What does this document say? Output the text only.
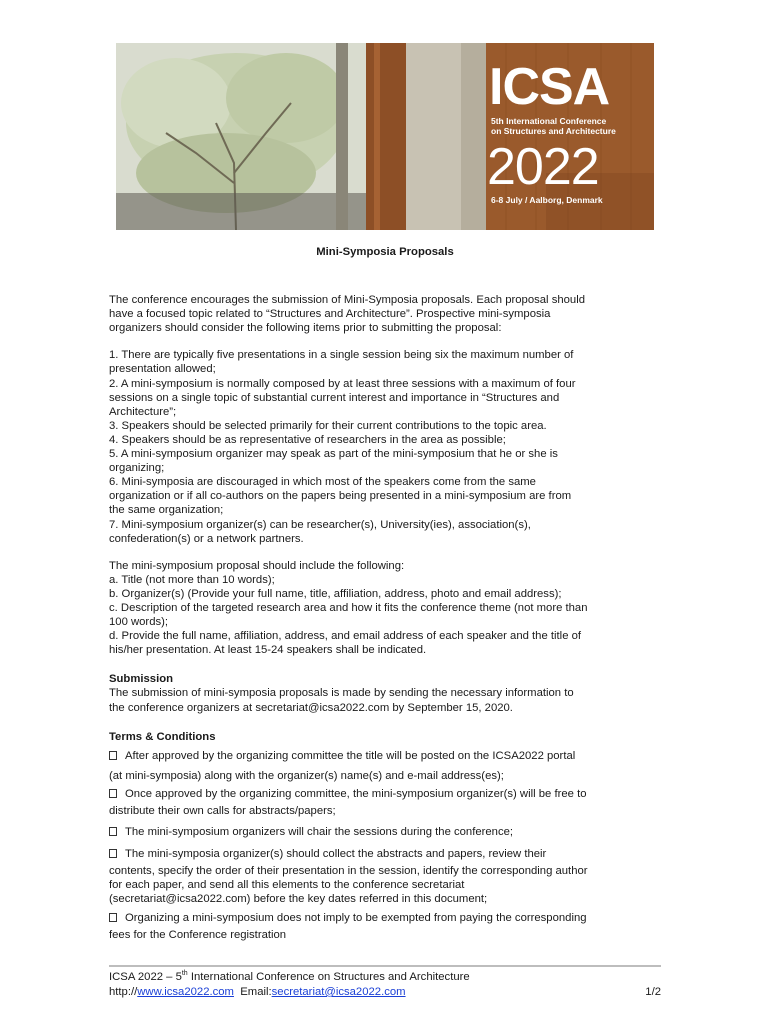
ICSA

5th International Conference
on Structures and Architecture

2022

6-8 July / Aalborg, Denmark

Mini-Symposia Proposals

The conference encourages the submission of Mini-Symposia proposals. Each proposal should
have a focused topic related to “Structures and Architecture”. Prospective mini-symposia
organizers should consider the following items prior to submitting the proposal:

1. There are typically five presentations in a single session being six the maximum number of
presentation allowed;
2. A mini-symposium is normally composed by at least three sessions with a maximum of four
sessions on a single topic of substantial current interest and importance in “Structures and
Architecture”;
3. Speakers should be selected primarily for their current contributions to the topic area.
4. Speakers should be as representative of researchers in the area as possible;
5. A mini-symposium organizer may speak as part of the mini-symposium that he or she is
organizing;
6. Mini-symposia are discouraged in which most of the speakers come from the same
organization or if all co-authors on the papers being presented in a mini-symposium are from
the same organization;
7. Mini-symposium organizer(s) can be researcher(s), University(ies), association(s),
confederation(s) or a network partners.

The mini-symposium proposal should include the following:
a. Title (not more than 10 words);
b. Organizer(s) (Provide your full name, title, affiliation, address, photo and email address);
c. Description of the targeted research area and how it fits the conference theme (not more than
100 words);
d. Provide the full name, affiliation, address, and email address of each speaker and the title of
his/her presentation. At least 15-24 speakers shall be indicated.

Submission

The submission of mini-symposia proposals is made by sending the necessary information to
the conference organizers at secretariat@icsa2022.com by September 15, 2020.

Terms & Conditions

After approved by the organizing committee the title will be posted on the ICSA2022 portal
(at mini-symposia) along with the organizer(s) name(s) and e-mail address(es);

Once approved by the organizing committee, the mini-symposium organizer(s) will be free to
distribute their own calls for abstracts/papers;

The mini-symposium organizers will chair the sessions during the conference;

The mini-symposia organizer(s) should collect the abstracts and papers, review their
contents, specify the order of their presentation in the session, identify the corresponding author
for each paper, and send all this elements to the conference secretariat
(secretariat@icsa2022.com) before the key dates referred in this document;

Organizing a mini-symposium does not imply to be exempted from paying the corresponding
fees for the Conference registration

ICSA 2022 – 5th International Conference on Structures and Architecture
http://www.icsa2022.com Email:secretariat@icsa2022.com	1/2
